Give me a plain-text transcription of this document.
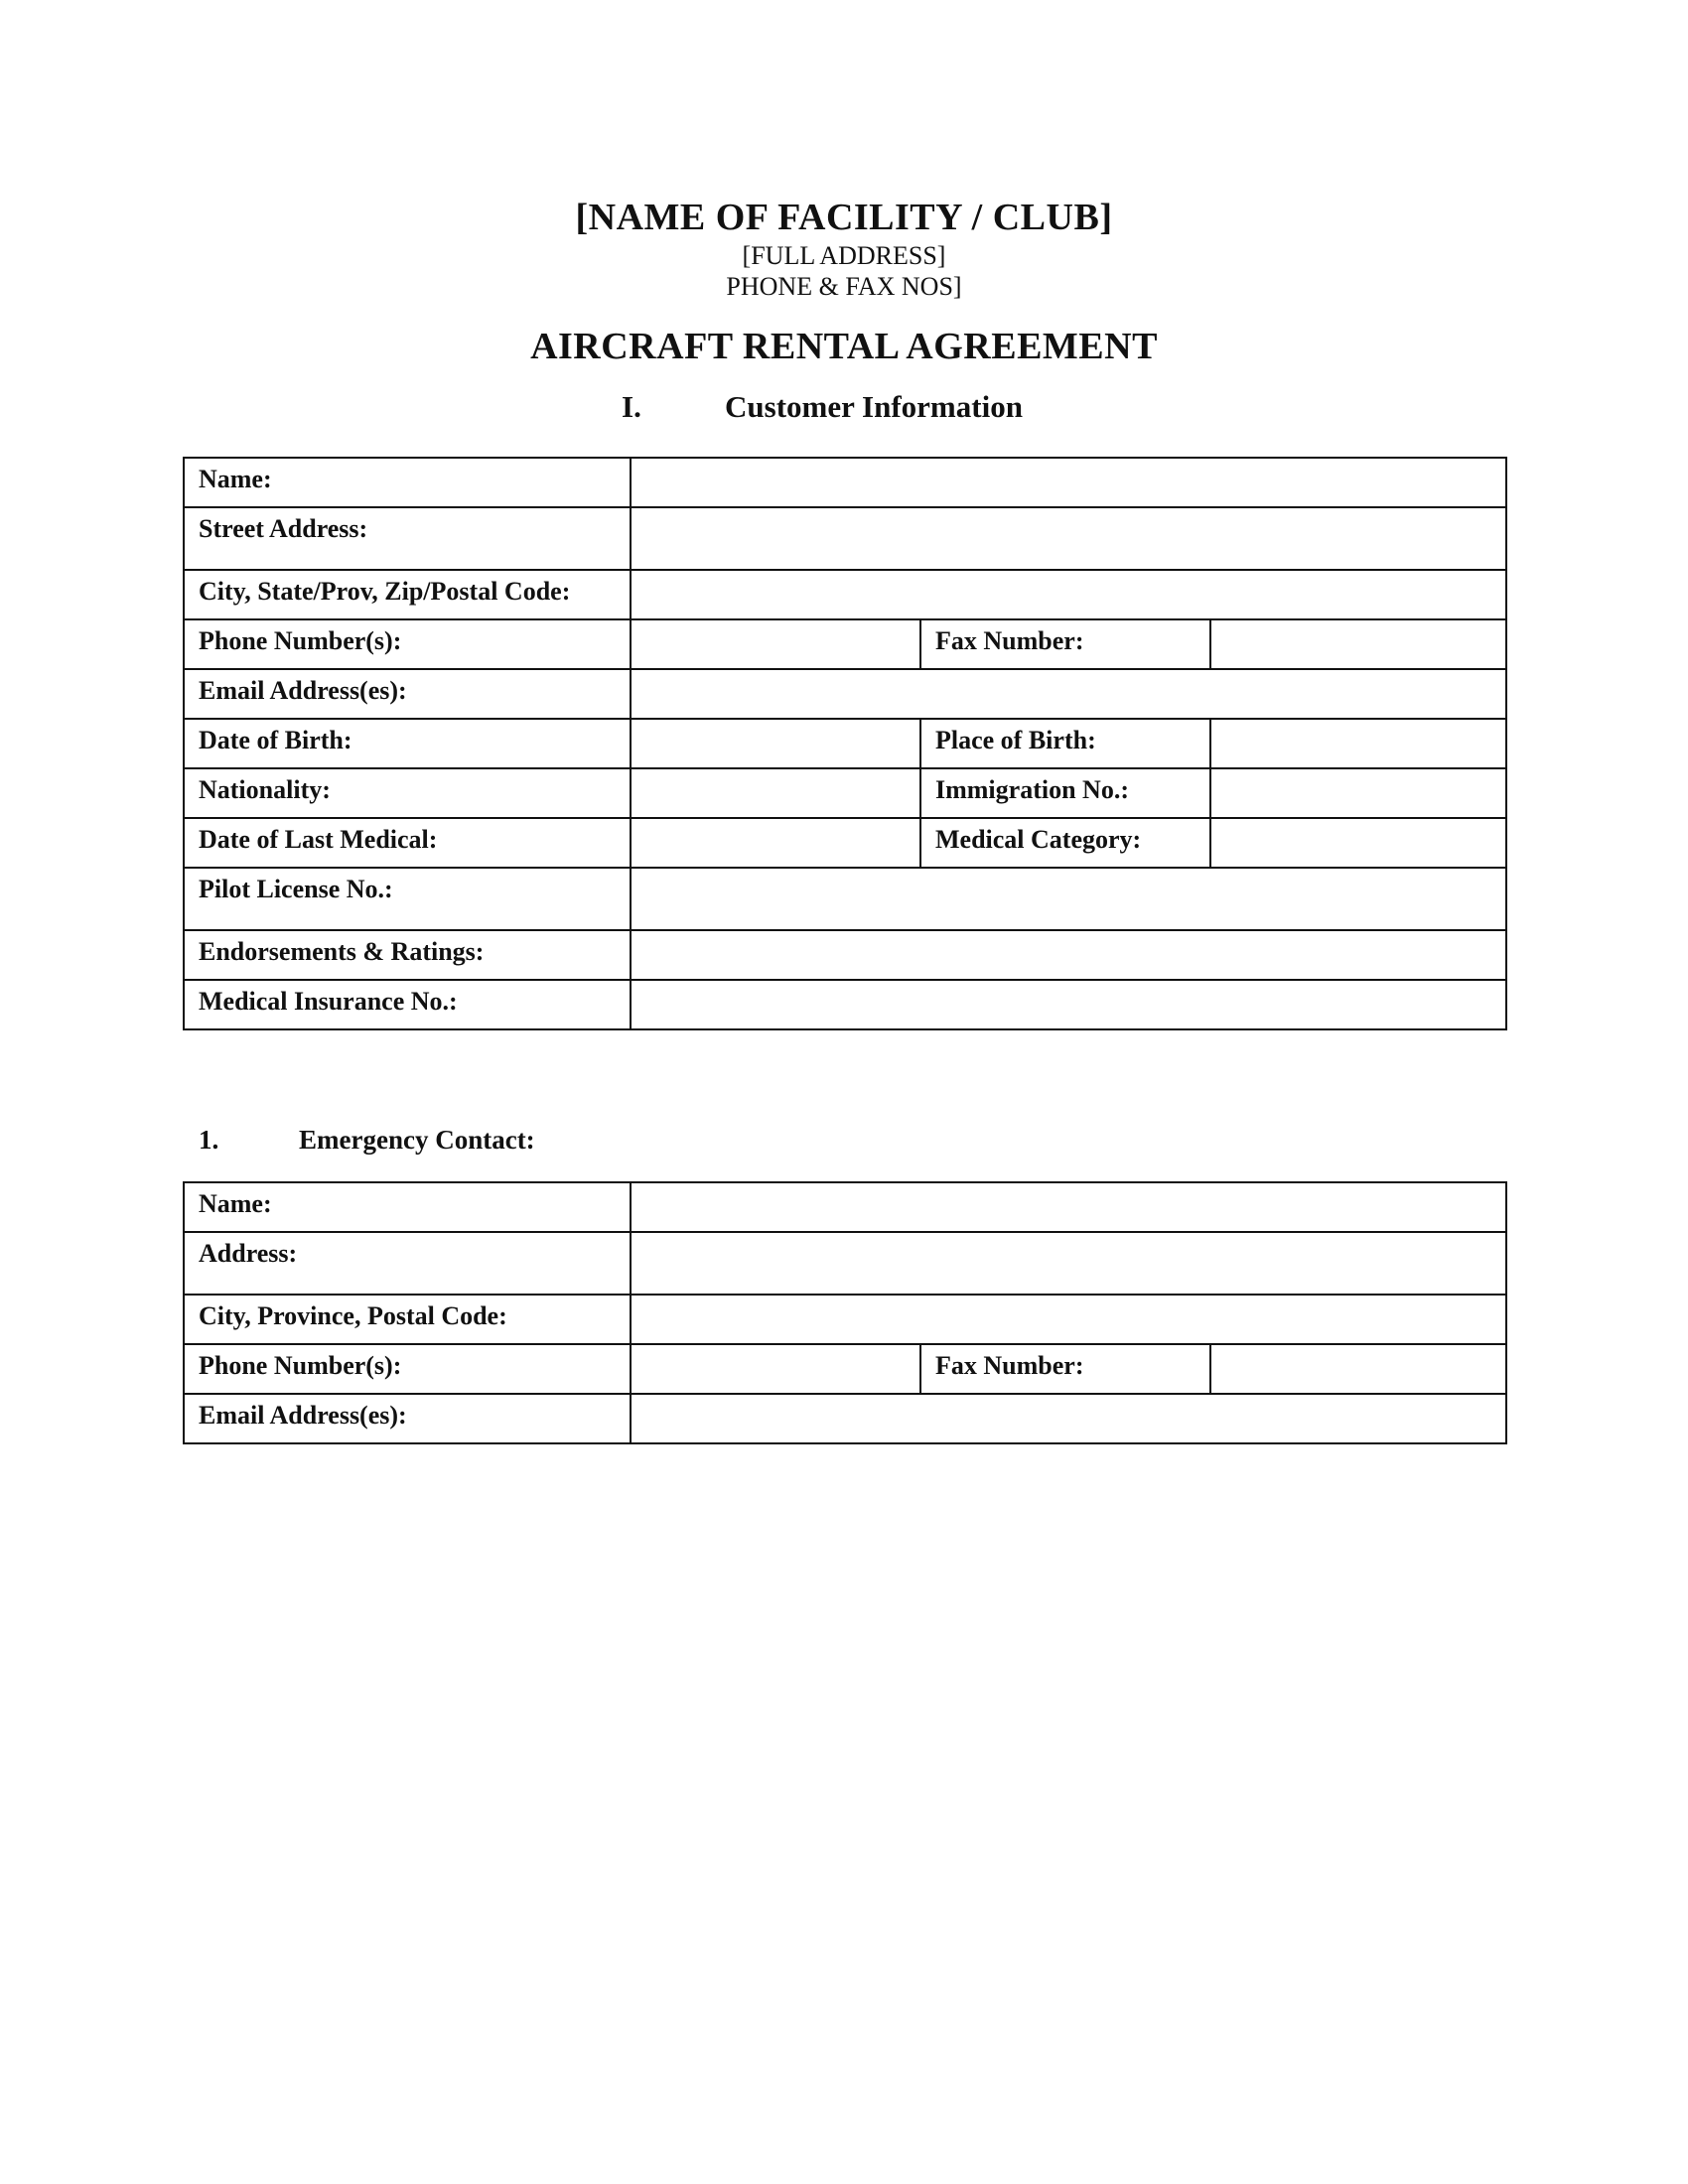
[NAME OF FACILITY / CLUB]
[FULL ADDRESS]
PHONE & FAX NOS]
AIRCRAFT RENTAL AGREEMENT
I.	Customer Information
Name:			
Street Address:			
City, State/Prov, Zip/Postal Code:			
Phone Number(s):		Fax Number:	
Email Address(es):			
Date of Birth:		Place of Birth:	
Nationality:		Immigration No.:	
Date of Last Medical:		Medical Category:	
Pilot License No.:			
Endorsements & Ratings:			
Medical Insurance No.:			
1.	Emergency Contact:
Name:			
Address:			
City, Province, Postal Code:			
Phone Number(s):		Fax Number:	
Email Address(es):			
